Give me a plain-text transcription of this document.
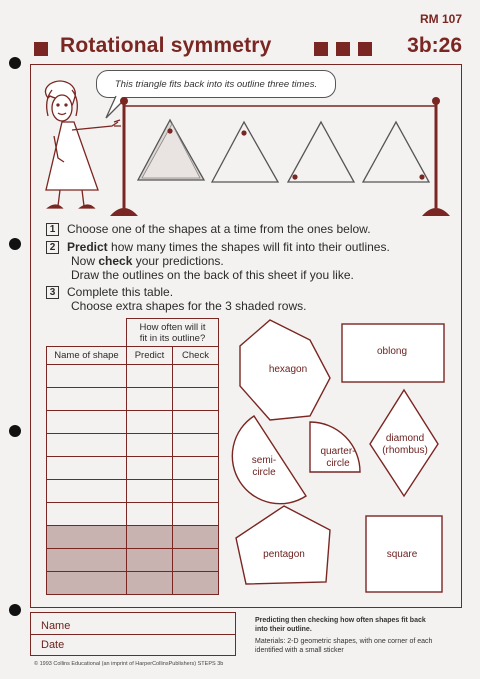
RM 107
Rotational symmetry	3b:26
This triangle fits back into its outline three times.
1 Choose one of the shapes at a time from the ones below.
2 Predict how many times the shapes will fit into their outlines.
Now check your predictions.
Draw the outlines on the back of this sheet if you like.
3 Complete this table.
Choose extra shapes for the 3 shaded rows.

	How often will it
fit in its outline?	

Name of shape	Predict	Check

hexagon
oblong
semi-
circle
quarter-
circle
diamond
(rhombus)
pentagon	square
Name
Date
Predicting then checking how often shapes fit back
into their outline.
Materials: 2-D geometric shapes, with one corner of each
identified with a small sticker
© 1993 Collins Educational (an imprint of HarperCollinsPublishers) STEPS 3b
